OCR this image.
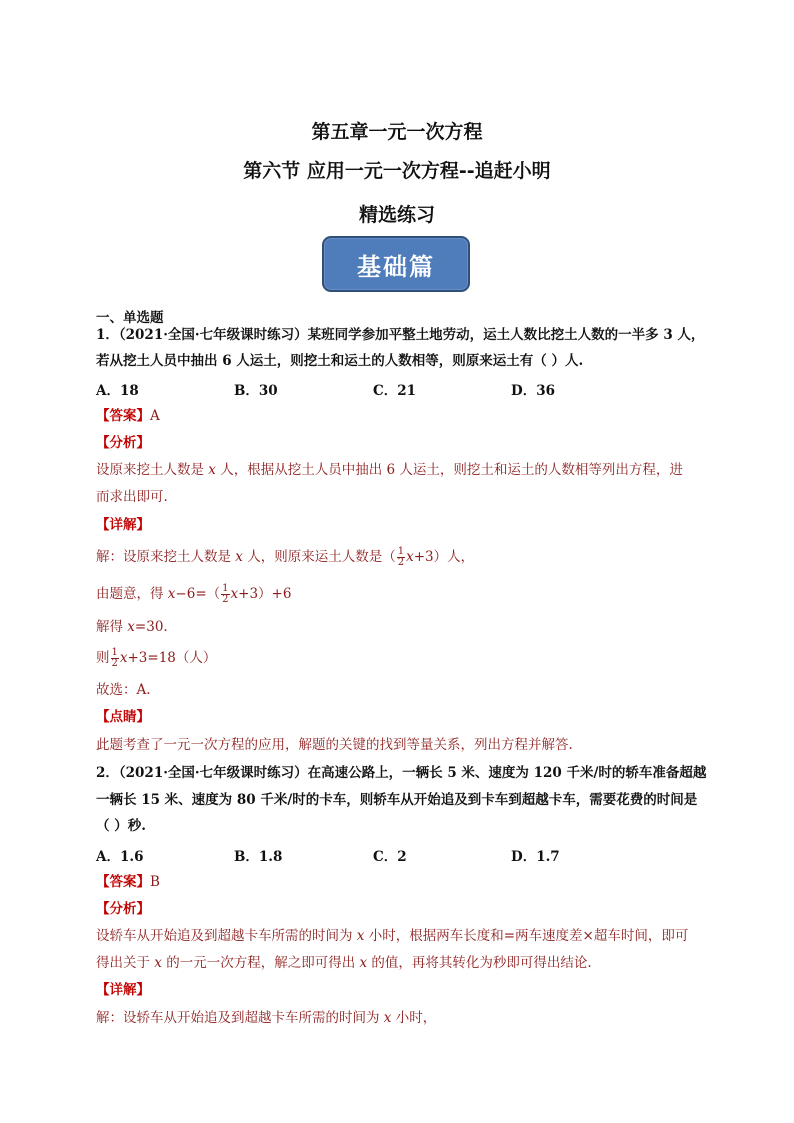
第五章一元一次方程
第六节 应用一元一次方程--追赶小明
精选练习
基础篇
一、单选题
1．（2021·全国·七年级课时练习）某班同学参加平整土地劳动，运土人数比挖土人数的一半多 3 人，
若从挖土人员中抽出 6 人运土，则挖土和运土的人数相等，则原来运土有（ ）人.
A．18	B．30	C．21	D．36
【答案】A
【分析】
设原来挖土人数是 x 人，根据从挖土人员中抽出 6 人运土，则挖土和运土的人数相等列出方程，进
而求出即可.
【详解】
解：设原来挖土人数是 x 人，则原来运土人数是（ $\frac{1}{2} x+3$）人，
由题意，得 $x-6=( \frac{1}{2} x+3)+6$
解得 x=30.
则 $\frac{1}{2} x+3=18$（人）
故选：A.
【点睛】
此题考查了一元一次方程的应用，解题的关键的找到等量关系，列出方程并解答.
2．（2021·全国·七年级课时练习）在高速公路上，一辆长 5 米、速度为 120 千米/时的轿车准备超越
一辆长 15 米、速度为 80 千米/时的卡车，则轿车从开始追及到卡车到超越卡车，需要花费的时间是
（ ）秒.
A．1.6	B．1.8	C．2	D．1.7
【答案】B
【分析】
设轿车从开始追及到超越卡车所需的时间为 x 小时，根据两车长度和=两车速度差×超车时间，即可
得出关于 x 的一元一次方程，解之即可得出 x 的值，再将其转化为秒即可得出结论.
【详解】
解：设轿车从开始追及到超越卡车所需的时间为 x 小时，
